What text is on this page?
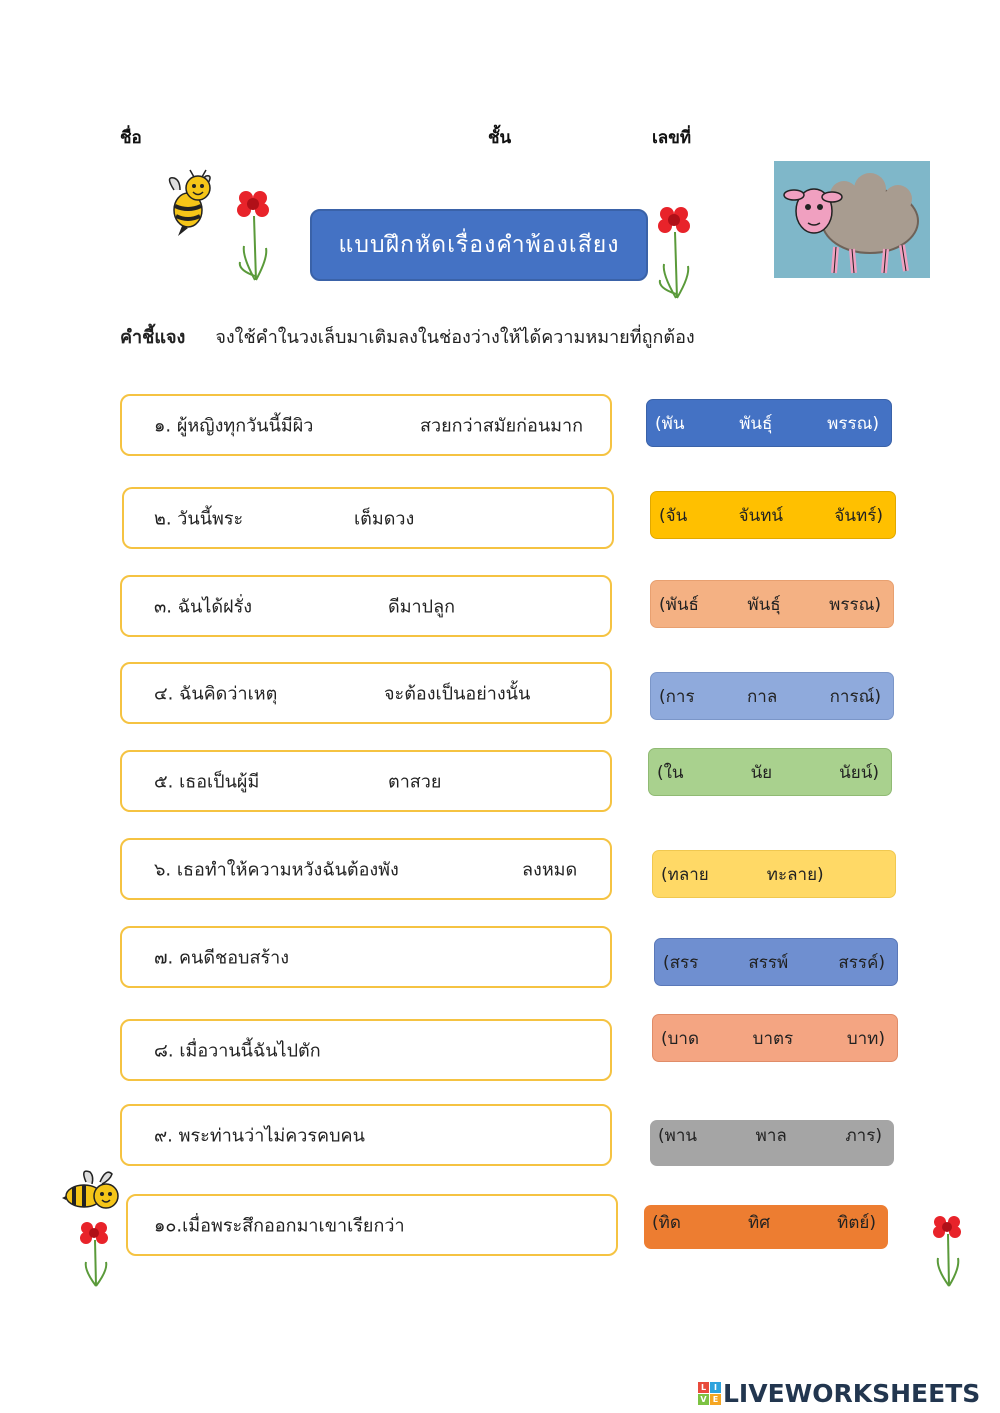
ชื่อ	ชั้น	เลขที่
แบบฝึกหัดเรื่องคำพ้องเสียง
คำชี้แจง จงใช้คำในวงเล็บมาเติมลงในช่องว่างให้ได้ความหมายที่ถูกต้อง
๑. ผู้หญิงทุกวันนี้มีผิว	สวยกว่าสมัยก่อนมาก
๒. วันนี้พระ	เต็มดวง
๓. ฉันได้ฝรั่ง	ดีมาปลูก
๔. ฉันคิดว่าเหตุ	จะต้องเป็นอย่างนั้น
๕. เธอเป็นผู้มี	ตาสวย
๖. เธอทำให้ความหวังฉันต้องพัง	ลงหมด
๗. คนดีชอบสร้าง
๘. เมื่อวานนี้ฉันไปตัก
๙. พระท่านว่าไม่ควรคบคน
๑๐.เมื่อพระสึกออกมาเขาเรียกว่า
(พัน	พันธุ์	พรรณ)
(จัน	จันทน์	จันทร์)
(พันธ์	พันธุ์	พรรณ)
(การ	กาล	การณ์)
(ใน	นัย	นัยน์)
(ทลาย	ทะลาย)
(สรร	สรรพ์	สรรค์)
(บาด	บาตร	บาท)
(พาน	พาล	ภาร)
(ทิด	ทิศ	ทิตย์)
L I
V E LIVEWORKSHEETS
